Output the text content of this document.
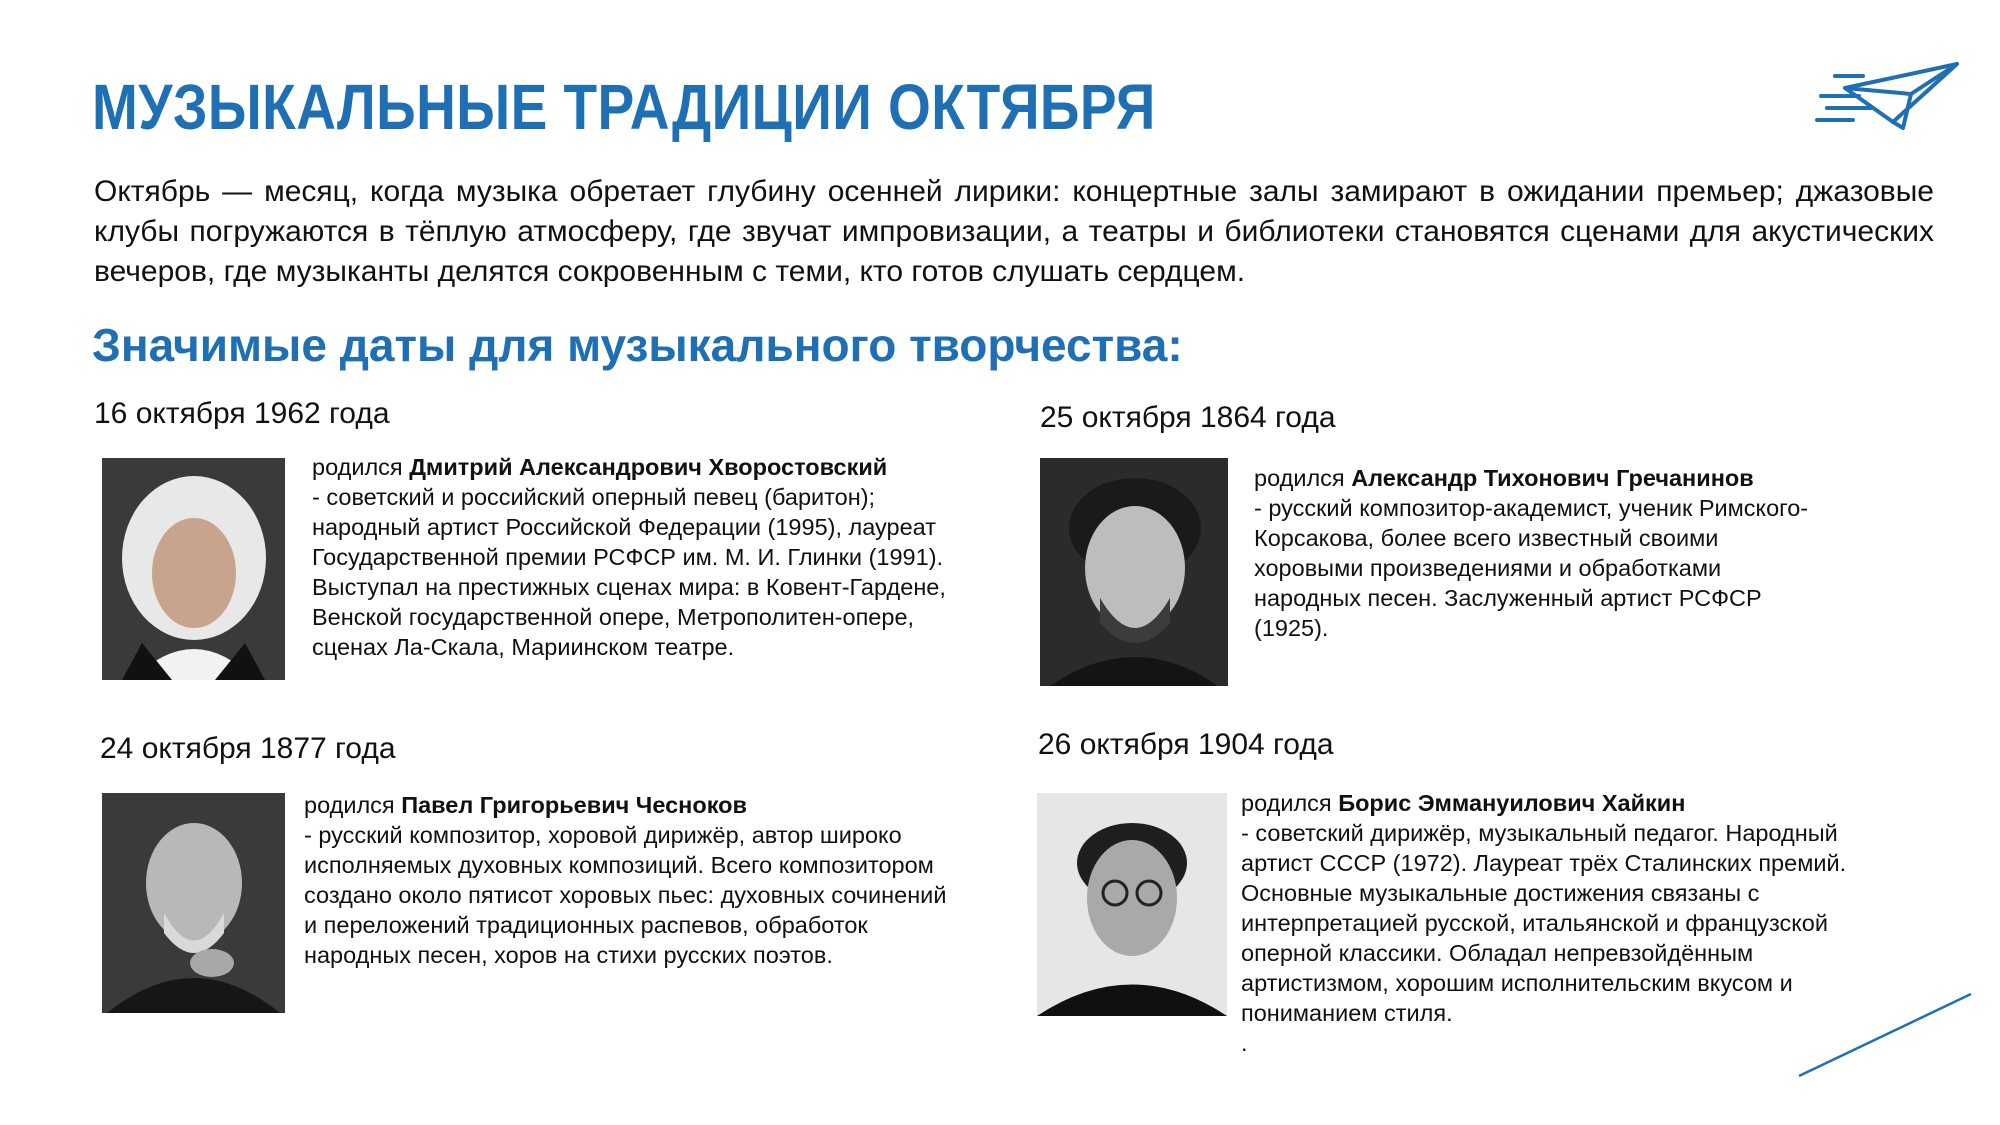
МУЗЫКАЛЬНЫЕ ТРАДИЦИИ ОКТЯБРЯ

Октябрь — месяц, когда музыка обретает глубину осенней лирики: концертные залы замирают в ожидании премьер; джазовые клубы погружаются в тёплую атмосферу, где звучат импровизации, а театры и библиотеки становятся сценами для акустических вечеров, где музыканты делятся сокровенным с теми, кто готов слушать сердцем.

Значимые даты для музыкального творчества:

16 октября 1962 года

родился Дмитрий Александрович Хворостовский
- советский и российский оперный певец (баритон); народный артист Российской Федерации (1995), лауреат Государственной премии РСФСР им. М. И. Глинки (1991). Выступал на престижных сценах мира: в Ковент-Гардене, Венской государственной опере, Метрополитен-опере, сценах Ла-Скала, Мариинском театре.

25 октября 1864 года

родился Александр Тихонович Гречанинов
- русский композитор-академист, ученик Римского-Корсакова, более всего известный своими хоровыми произведениями и обработками народных песен. Заслуженный артист РСФСР (1925).

24 октября 1877 года

родился Павел Григорьевич Чесноков
- русский композитор, хоровой дирижёр, автор широко исполняемых духовных композиций. Всего композитором создано около пятисот хоровых пьес: духовных сочинений и переложений традиционных распевов, обработок народных песен, хоров на стихи русских поэтов.

26 октября 1904 года

родился Борис Эммануилович Хайкин
- советский дирижёр, музыкальный педагог. Народный артист СССР (1972). Лауреат трёх Сталинских премий. Основные музыкальные достижения связаны с интерпретацией русской, итальянской и французской оперной классики. Обладал непревзойдённым артистизмом, хорошим исполнительским вкусом и пониманием стиля.
.
